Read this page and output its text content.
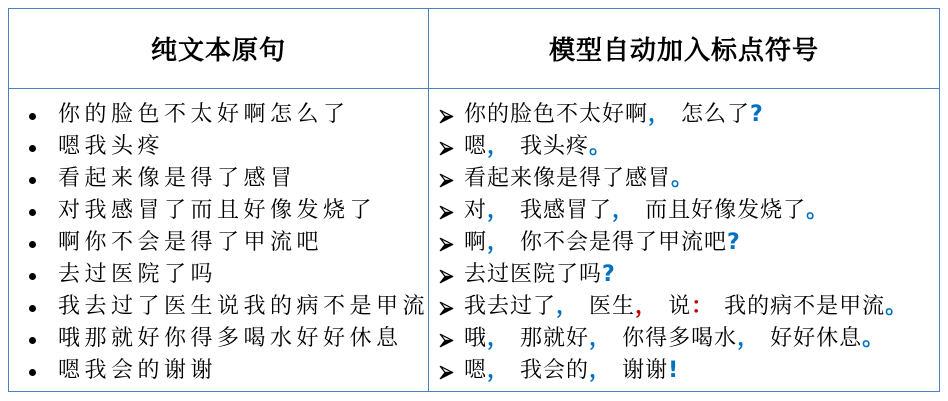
纯文本原句	模型自动加入标点符号
你的脸色不太好啊怎么了
嗯我头疼
看起来像是得了感冒
对我感冒了而且好像发烧了
啊你不会是得了甲流吧
去过医院了吗
我去过了医生说我的病不是甲流
哦那就好你得多喝水好好休息
嗯我会的谢谢
你的脸色不太好啊， 怎么了?
嗯， 我头疼。
看起来像是得了感冒。
对， 我感冒了， 而且好像发烧了。
啊， 你不会是得了甲流吧?
去过医院了吗?
我去过了， 医生， 说： 我的病不是甲流。
哦， 那就好， 你得多喝水， 好好休息。
嗯， 我会的， 谢谢!
